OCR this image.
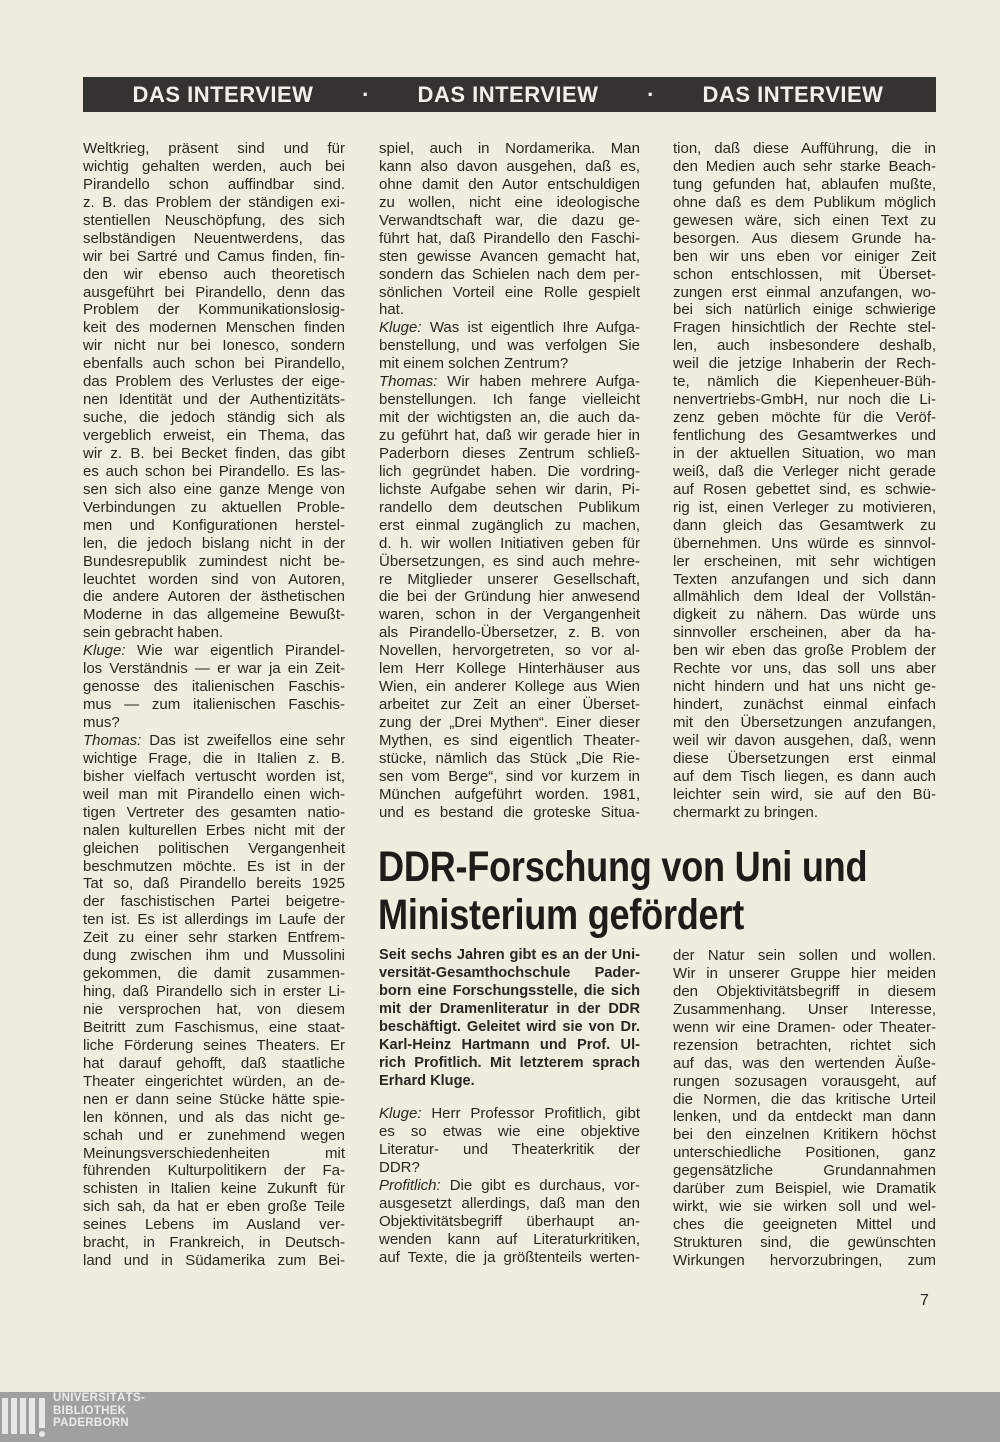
DAS INTERVIEW · DAS INTERVIEW · DAS INTERVIEW
Weltkrieg, präsent sind und für
wichtig gehalten werden, auch bei
Pirandello schon auffindbar sind.
z. B. das Problem der ständigen exi-
stentiellen Neuschöpfung, des sich
selbständigen Neuentwerdens, das
wir bei Sartré und Camus finden, fin-
den wir ebenso auch theoretisch
ausgeführt bei Pirandello, denn das
Problem der Kommunikationslosig-
keit des modernen Menschen finden
wir nicht nur bei Ionesco, sondern
ebenfalls auch schon bei Pirandello,
das Problem des Verlustes der eige-
nen Identität und der Authentizitäts-
suche, die jedoch ständig sich als
vergeblich erweist, ein Thema, das
wir z. B. bei Becket finden, das gibt
es auch schon bei Pirandello. Es las-
sen sich also eine ganze Menge von
Verbindungen zu aktuellen Proble-
men und Konfigurationen herstel-
len, die jedoch bislang nicht in der
Bundesrepublik zumindest nicht be-
leuchtet worden sind von Autoren,
die andere Autoren der ästhetischen
Moderne in das allgemeine Bewußt-
sein gebracht haben.
Kluge: Wie war eigentlich Pirandel-
los Verständnis — er war ja ein Zeit-
genosse des italienischen Faschis-
mus — zum italienischen Faschis-
mus?
Thomas: Das ist zweifellos eine sehr
wichtige Frage, die in Italien z. B.
bisher vielfach vertuscht worden ist,
weil man mit Pirandello einen wich-
tigen Vertreter des gesamten natio-
nalen kulturellen Erbes nicht mit der
gleichen politischen Vergangenheit
beschmutzen möchte. Es ist in der
Tat so, daß Pirandello bereits 1925
der faschistischen Partei beigetre-
ten ist. Es ist allerdings im Laufe der
Zeit zu einer sehr starken Entfrem-
dung zwischen ihm und Mussolini
gekommen, die damit zusammen-
hing, daß Pirandello sich in erster Li-
nie versprochen hat, von diesem
Beitritt zum Faschismus, eine staat-
liche Förderung seines Theaters. Er
hat darauf gehofft, daß staatliche
Theater eingerichtet würden, an de-
nen er dann seine Stücke hätte spie-
len können, und als das nicht ge-
schah und er zunehmend wegen
Meinungsverschiedenheiten mit
führenden Kulturpolitikern der Fa-
schisten in Italien keine Zukunft für
sich sah, da hat er eben große Teile
seines Lebens im Ausland ver-
bracht, in Frankreich, in Deutsch-
land und in Südamerika zum Bei-
spiel, auch in Nordamerika. Man
kann also davon ausgehen, daß es,
ohne damit den Autor entschuldigen
zu wollen, nicht eine ideologische
Verwandtschaft war, die dazu ge-
führt hat, daß Pirandello den Faschi-
sten gewisse Avancen gemacht hat,
sondern das Schielen nach dem per-
sönlichen Vorteil eine Rolle gespielt
hat.
Kluge: Was ist eigentlich Ihre Aufga-
benstellung, und was verfolgen Sie
mit einem solchen Zentrum?
Thomas: Wir haben mehrere Aufga-
benstellungen. Ich fange vielleicht
mit der wichtigsten an, die auch da-
zu geführt hat, daß wir gerade hier in
Paderborn dieses Zentrum schließ-
lich gegründet haben. Die vordring-
lichste Aufgabe sehen wir darin, Pi-
randello dem deutschen Publikum
erst einmal zugänglich zu machen,
d. h. wir wollen Initiativen geben für
Übersetzungen, es sind auch mehre-
re Mitglieder unserer Gesellschaft,
die bei der Gründung hier anwesend
waren, schon in der Vergangenheit
als Pirandello-Übersetzer, z. B. von
Novellen, hervorgetreten, so vor al-
lem Herr Kollege Hinterhäuser aus
Wien, ein anderer Kollege aus Wien
arbeitet zur Zeit an einer Überset-
zung der „Drei Mythen“. Einer dieser
Mythen, es sind eigentlich Theater-
stücke, nämlich das Stück „Die Rie-
sen vom Berge“, sind vor kurzem in
München aufgeführt worden. 1981,
und es bestand die groteske Situa-
tion, daß diese Aufführung, die in
den Medien auch sehr starke Beach-
tung gefunden hat, ablaufen mußte,
ohne daß es dem Publikum möglich
gewesen wäre, sich einen Text zu
besorgen. Aus diesem Grunde ha-
ben wir uns eben vor einiger Zeit
schon entschlossen, mit Überset-
zungen erst einmal anzufangen, wo-
bei sich natürlich einige schwierige
Fragen hinsichtlich der Rechte stel-
len, auch insbesondere deshalb,
weil die jetzige Inhaberin der Rech-
te, nämlich die Kiepenheuer-Büh-
nenvertriebs-GmbH, nur noch die Li-
zenz geben möchte für die Veröf-
fentlichung des Gesamtwerkes und
in der aktuellen Situation, wo man
weiß, daß die Verleger nicht gerade
auf Rosen gebettet sind, es schwie-
rig ist, einen Verleger zu motivieren,
dann gleich das Gesamtwerk zu
übernehmen. Uns würde es sinnvol-
ler erscheinen, mit sehr wichtigen
Texten anzufangen und sich dann
allmählich dem Ideal der Vollstän-
digkeit zu nähern. Das würde uns
sinnvoller erscheinen, aber da ha-
ben wir eben das große Problem der
Rechte vor uns, das soll uns aber
nicht hindern und hat uns nicht ge-
hindert, zunächst einmal einfach
mit den Übersetzungen anzufangen,
weil wir davon ausgehen, daß, wenn
diese Übersetzungen erst einmal
auf dem Tisch liegen, es dann auch
leichter sein wird, sie auf den Bü-
chermarkt zu bringen.
DDR-Forschung von Uni und
Ministerium gefördert
Seit sechs Jahren gibt es an der Uni-
versität-Gesamthochschule Pader-
born eine Forschungsstelle, die sich
mit der Dramenliteratur in der DDR
beschäftigt. Geleitet wird sie von Dr.
Karl-Heinz Hartmann und Prof. Ul-
rich Profitlich. Mit letzterem sprach
Erhard Kluge.
Kluge: Herr Professor Profitlich, gibt
es so etwas wie eine objektive
Literatur- und Theaterkritik der
DDR?
Profitlich: Die gibt es durchaus, vor-
ausgesetzt allerdings, daß man den
Objektivitätsbegriff überhaupt an-
wenden kann auf Literaturkritiken,
auf Texte, die ja größtenteils werten-
der Natur sein sollen und wollen.
Wir in unserer Gruppe hier meiden
den Objektivitätsbegriff in diesem
Zusammenhang. Unser Interesse,
wenn wir eine Dramen- oder Theater-
rezension betrachten, richtet sich
auf das, was den wertenden Äuße-
rungen sozusagen vorausgeht, auf
die Normen, die das kritische Urteil
lenken, und da entdeckt man dann
bei den einzelnen Kritikern höchst
unterschiedliche Positionen, ganz
gegensätzliche Grundannahmen
darüber zum Beispiel, wie Dramatik
wirkt, wie sie wirken soll und wel-
ches die geeigneten Mittel und
Strukturen sind, die gewünschten
Wirkungen hervorzubringen, zum
7
UNIVERSITÄTS-
BIBLIOTHEK
PADERBORN
